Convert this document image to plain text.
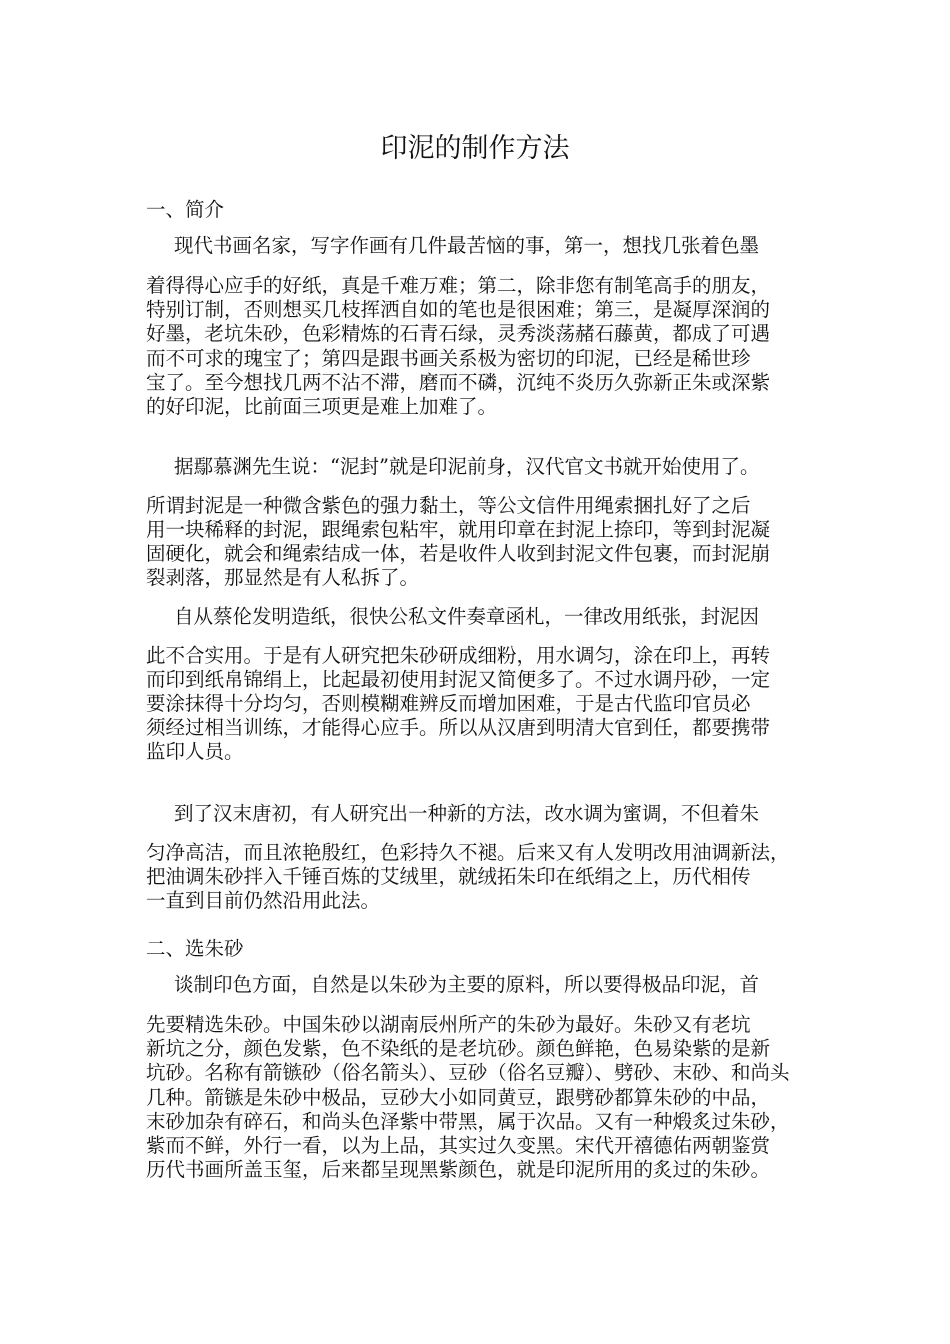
印泥的制作方法
一、简介
现代书画名家，写字作画有几件最苦恼的事，第一，想找几张着色墨
着得得心应手的好纸，真是千难万难；第二，除非您有制笔高手的朋友，
特别订制，否则想买几枝挥洒自如的笔也是很困难；第三，是凝厚深润的
好墨，老坑朱砂，色彩精炼的石青石绿，灵秀淡荡赭石藤黄，都成了可遇
而不可求的瑰宝了；第四是跟书画关系极为密切的印泥，已经是稀世珍
宝了。至今想找几两不沾不滞，磨而不磷，沉纯不炎历久弥新正朱或深紫
的好印泥，比前面三项更是难上加难了。
据鄢慕渊先生说：“泥封”就是印泥前身，汉代官文书就开始使用了。
所谓封泥是一种微含紫色的强力黏土，等公文信件用绳索捆扎好了之后
用一块稀释的封泥，跟绳索包粘牢，就用印章在封泥上捺印，等到封泥凝
固硬化，就会和绳索结成一体，若是收件人收到封泥文件包裹，而封泥崩
裂剥落，那显然是有人私拆了。
自从蔡伦发明造纸，很快公私文件奏章函札，一律改用纸张，封泥因
此不合实用。于是有人研究把朱砂研成细粉，用水调匀，涂在印上，再转
而印到纸帛锦绢上，比起最初使用封泥又简便多了。不过水调丹砂，一定
要涂抹得十分均匀，否则模糊难辨反而增加困难，于是古代监印官员必
须经过相当训练，才能得心应手。所以从汉唐到明清大官到任，都要携带
监印人员。
到了汉末唐初，有人研究出一种新的方法，改水调为蜜调，不但着朱
匀净高洁，而且浓艳殷红，色彩持久不褪。后来又有人发明改用油调新法，
把油调朱砂拌入千锤百炼的艾绒里，就绒拓朱印在纸绢之上，历代相传
一直到目前仍然沿用此法。
二、选朱砂
谈制印色方面，自然是以朱砂为主要的原料，所以要得极品印泥，首
先要精选朱砂。中国朱砂以湖南辰州所产的朱砂为最好。朱砂又有老坑
新坑之分，颜色发紫，色不染纸的是老坑砂。颜色鲜艳，色易染紫的是新
坑砂。名称有箭镞砂（俗名箭头）、豆砂（俗名豆瓣）、劈砂、末砂、和尚头
几种。箭镞是朱砂中极品，豆砂大小如同黄豆，跟劈砂都算朱砂的中品，
末砂加杂有碎石，和尚头色泽紫中带黑，属于次品。又有一种煅炙过朱砂，
紫而不鲜，外行一看，以为上品，其实过久变黑。宋代开禧德佑两朝鉴赏
历代书画所盖玉玺，后来都呈现黑紫颜色，就是印泥所用的炙过的朱砂。
